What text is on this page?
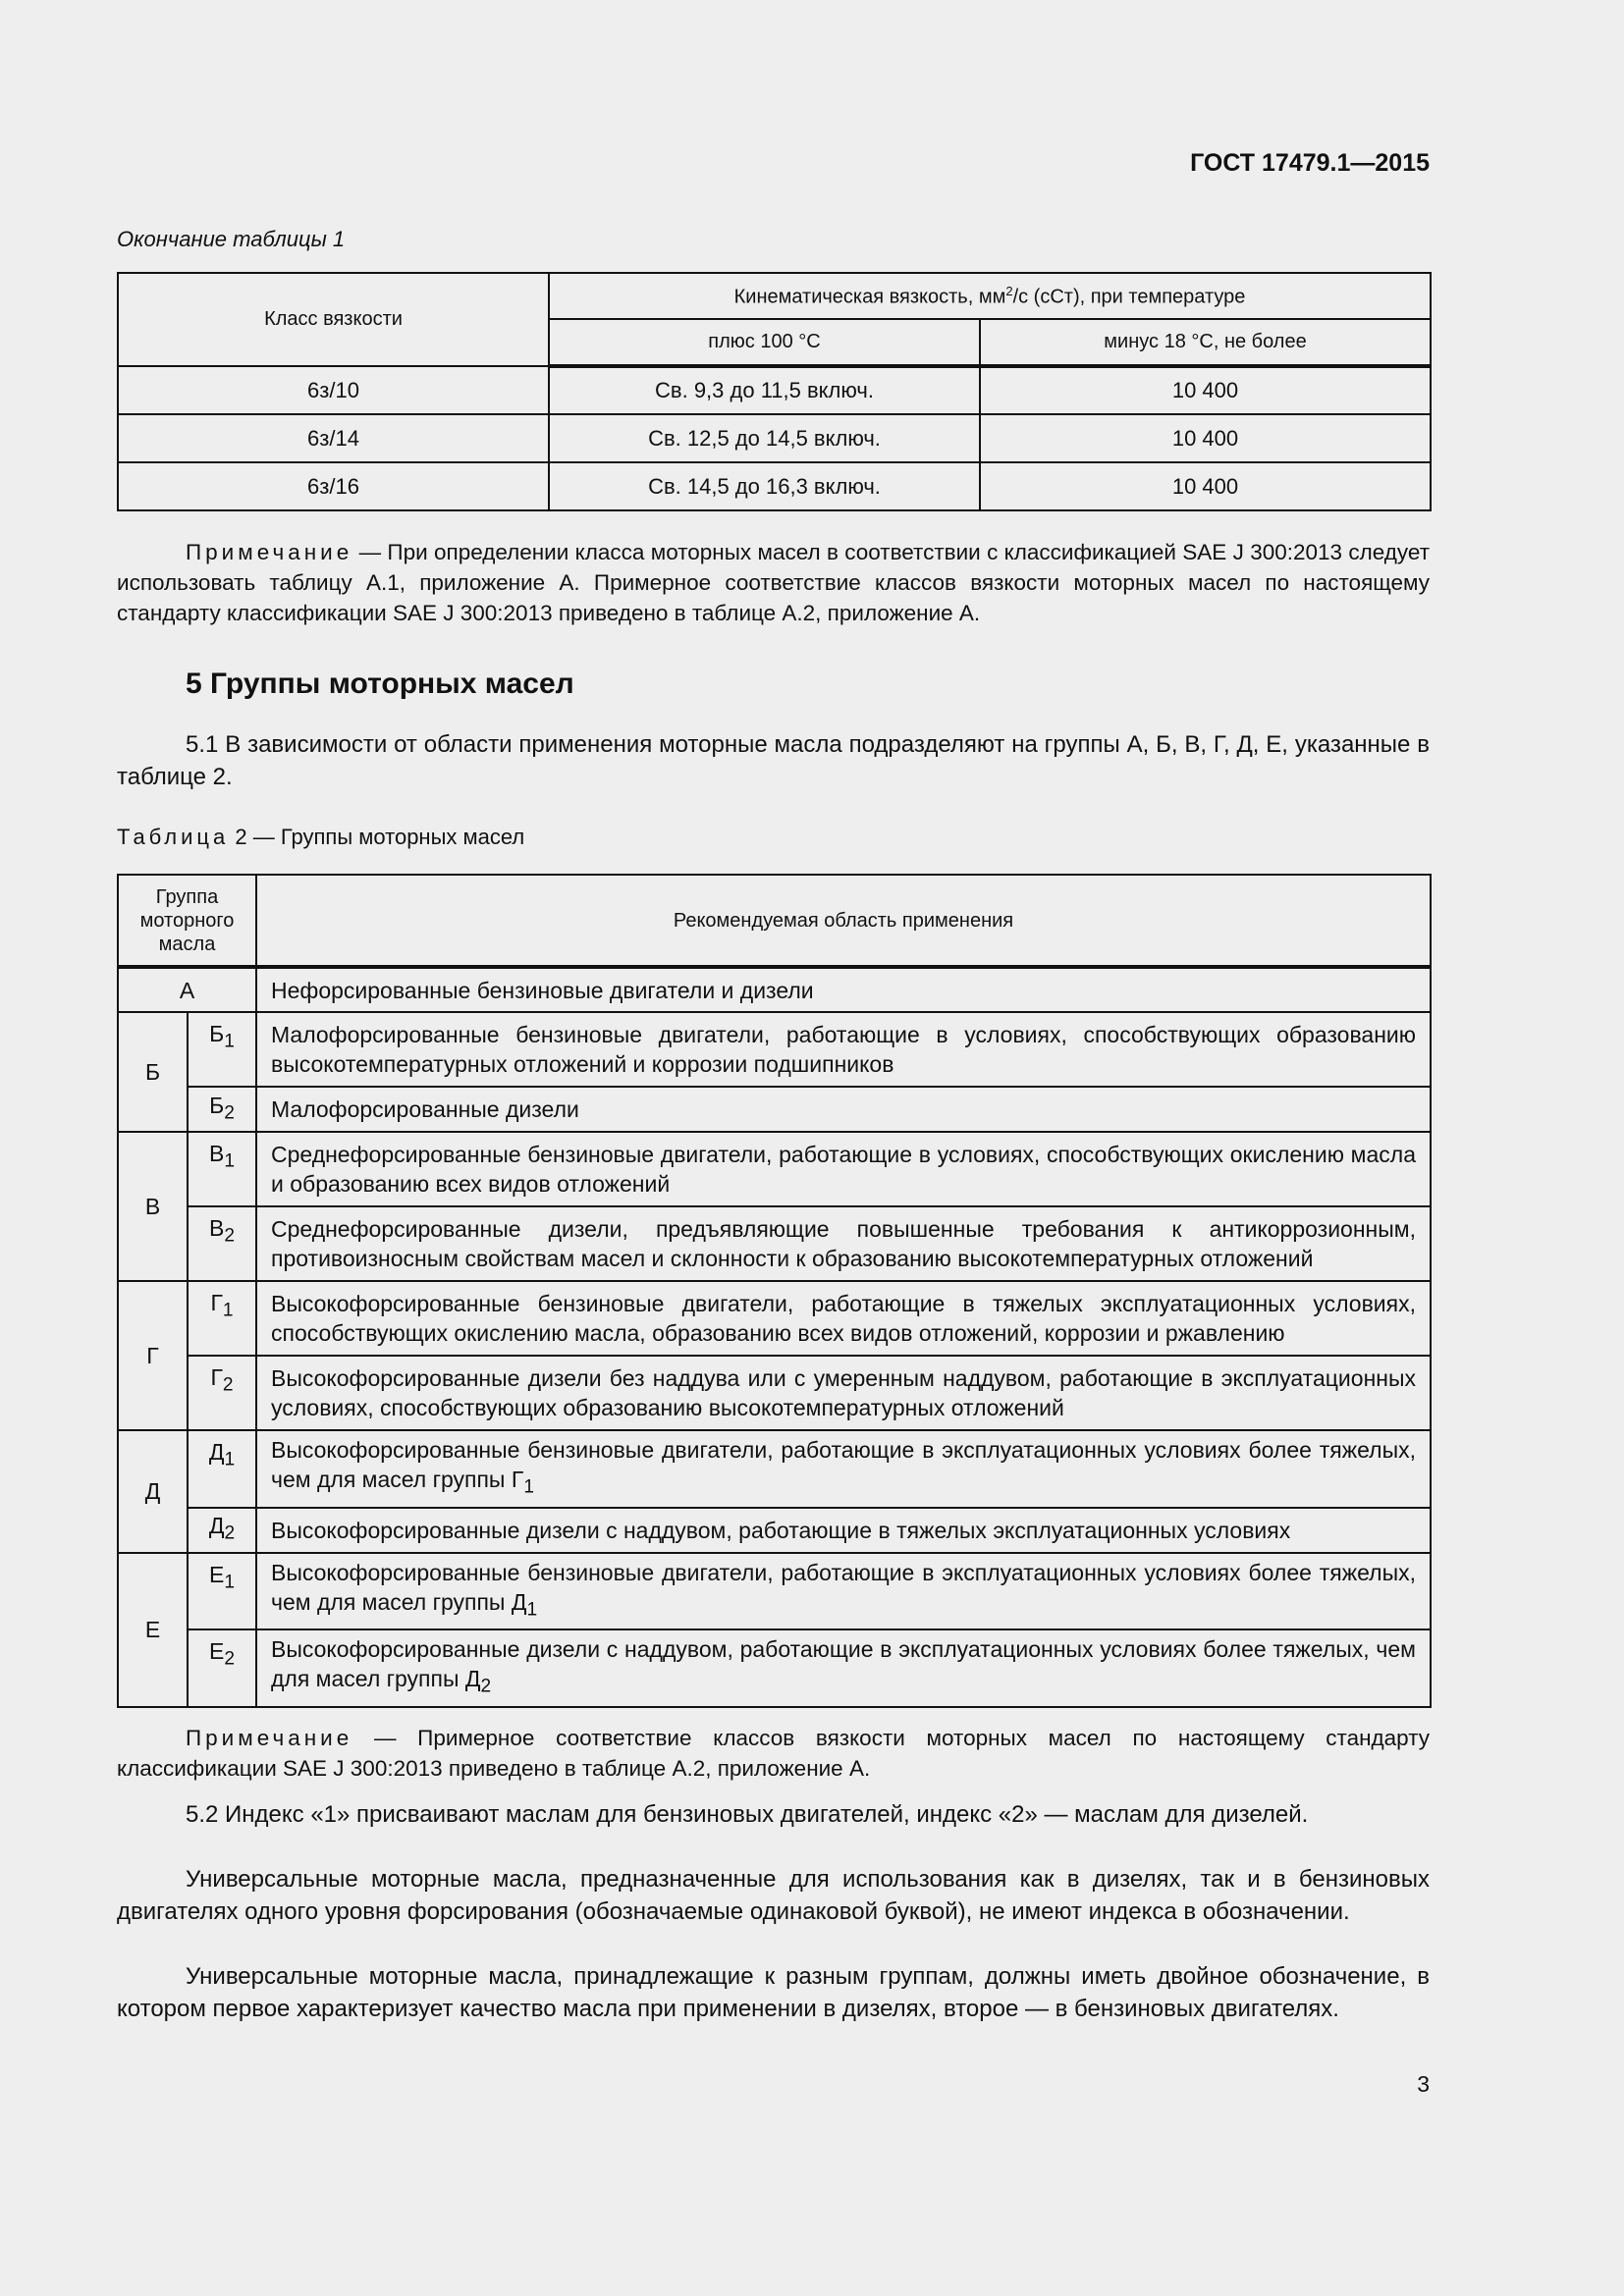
ГОСТ 17479.1—2015
Окончание таблицы 1
Класс вязкости	Кинематическая вязкость, $мм^2/с$ (сСт), при температуре	
	плюс 100 °С	минус 18 °С, не более
6з/10	Св. 9,3 до 11,5 включ.	10 400
6з/14	Св. 12,5 до 14,5 включ.	10 400
6з/16	Св. 14,5 до 16,3 включ.	10 400
Примечание — При определении класса моторных масел в соответствии с классификацией SAE J 300:2013 следует использовать таблицу А.1, приложение А. Примерное соответствие классов вязкости моторных масел по настоящему стандарту классификации SAE J 300:2013 приведено в таблице А.2, приложение А.
5 Группы моторных масел
5.1 В зависимости от области применения моторные масла подразделяют на группы А, Б, В, Г, Д, Е, указанные в таблице 2.
Таблица 2 — Группы моторных масел
Группа моторного масла		Рекомендуемая область применения
А		Нефорсированные бензиновые двигатели и дизели
Б	$Б_1$	Малофорсированные бензиновые двигатели, работающие в условиях, способствующих образованию высокотемпературных отложений и коррозии подшипников
	$Б_2$	Малофорсированные дизели
В	$В_1$	Среднефорсированные бензиновые двигатели, работающие в условиях, способствующих окислению масла и образованию всех видов отложений
	$В_2$	Среднефорсированные дизели, предъявляющие повышенные требования к антикоррозионным, противоизносным свойствам масел и склонности к образованию высокотемпературных отложений
Г	$Г_1$	Высокофорсированные бензиновые двигатели, работающие в тяжелых эксплуатационных условиях, способствующих окислению масла, образованию всех видов отложений, коррозии и ржавлению
	$Г_2$	Высокофорсированные дизели без наддува или с умеренным наддувом, работающие в эксплуатационных условиях, способствующих образованию высокотемпературных отложений
Д	$Д_1$	Высокофорсированные бензиновые двигатели, работающие в эксплуатационных условиях более тяжелых, чем для масел группы $Г_1$
	$Д_2$	Высокофорсированные дизели с наддувом, работающие в тяжелых эксплуатационных условиях
Е	$Е_1$	Высокофорсированные бензиновые двигатели, работающие в эксплуатационных условиях более тяжелых, чем для масел группы $Д_1$
	$Е_2$	Высокофорсированные дизели с наддувом, работающие в эксплуатационных условиях более тяжелых, чем для масел группы $Д_2$
Примечание — Примерное соответствие классов вязкости моторных масел по настоящему стандарту классификации SAE J 300:2013 приведено в таблице А.2, приложение А.
5.2 Индекс «1» присваивают маслам для бензиновых двигателей, индекс «2» — маслам для дизелей.
Универсальные моторные масла, предназначенные для использования как в дизелях, так и в бензиновых двигателях одного уровня форсирования (обозначаемые одинаковой буквой), не имеют индекса в обозначении.
Универсальные моторные масла, принадлежащие к разным группам, должны иметь двойное обозначение, в котором первое характеризует качество масла при применении в дизелях, второе — в бензиновых двигателях.
3
